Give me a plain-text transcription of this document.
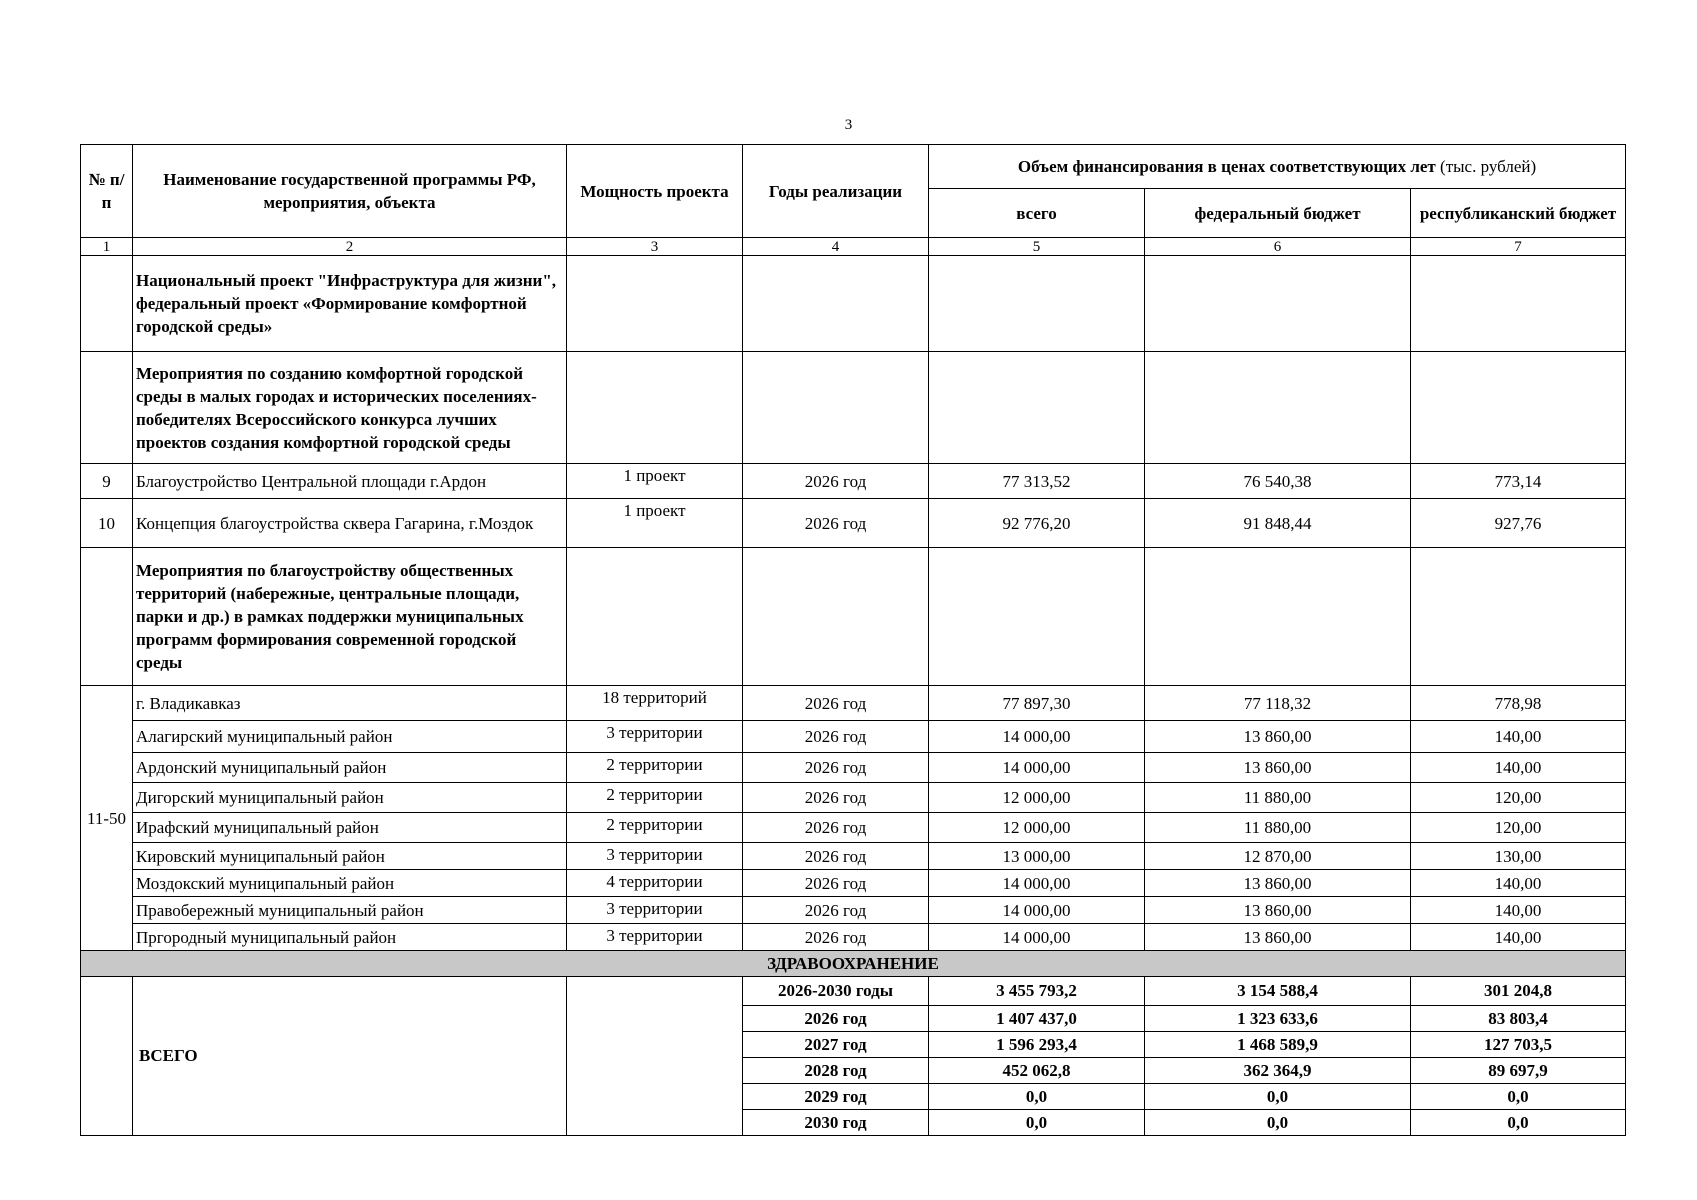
3
№ п/п	Наименование государственной программы РФ, мероприятия, объекта	Мощность проекта	Годы реализации	Объем финансирования в ценах соответствующих лет (тыс. рублей)		
				всего	федеральный бюджет	республиканский бюджет
1	2	3	4	5	6	7
	Национальный проект "Инфраструктура для жизни", федеральный проект «Формирование комфортной городской среды»					
	Мероприятия по созданию комфортной городской среды в малых городах и исторических поселениях-победителях Всероссийского конкурса лучших проектов создания комфортной городской среды					
9	Благоустройство Центральной площади г.Ардон	1 проект	2026 год	77 313,52	76 540,38	773,14
10	Концепция благоустройства сквера Гагарина, г.Моздок	1 проект	2026 год	92 776,20	91 848,44	927,76
	Мероприятия по благоустройству общественных территорий (набережные, центральные площади, парки и др.) в рамках поддержки муниципальных программ формирования современной городской среды					
11-50	г. Владикавказ	18 территорий	2026 год	77 897,30	77 118,32	778,98
	Алагирский муниципальный район	3 территории	2026 год	14 000,00	13 860,00	140,00
	Ардонский муниципальный район	2 территории	2026 год	14 000,00	13 860,00	140,00
	Дигорский муниципальный район	2 территории	2026 год	12 000,00	11 880,00	120,00
	Ирафский муниципальный район	2 территории	2026 год	12 000,00	11 880,00	120,00
	Кировский муниципальный район	3 территории	2026 год	13 000,00	12 870,00	130,00
	Моздокский муниципальный район	4 территории	2026 год	14 000,00	13 860,00	140,00
	Правобережный муниципальный район	3 территории	2026 год	14 000,00	13 860,00	140,00
	Пргородный муниципальный район	3 территории	2026 год	14 000,00	13 860,00	140,00
ЗДРАВООХРАНЕНИЕ						
	ВСЕГО		2026-2030 годы	3 455 793,2	3 154 588,4	301 204,8
			2026 год	1 407 437,0	1 323 633,6	83 803,4
			2027 год	1 596 293,4	1 468 589,9	127 703,5
			2028 год	452 062,8	362 364,9	89 697,9
			2029 год	0,0	0,0	0,0
			2030 год	0,0	0,0	0,0
